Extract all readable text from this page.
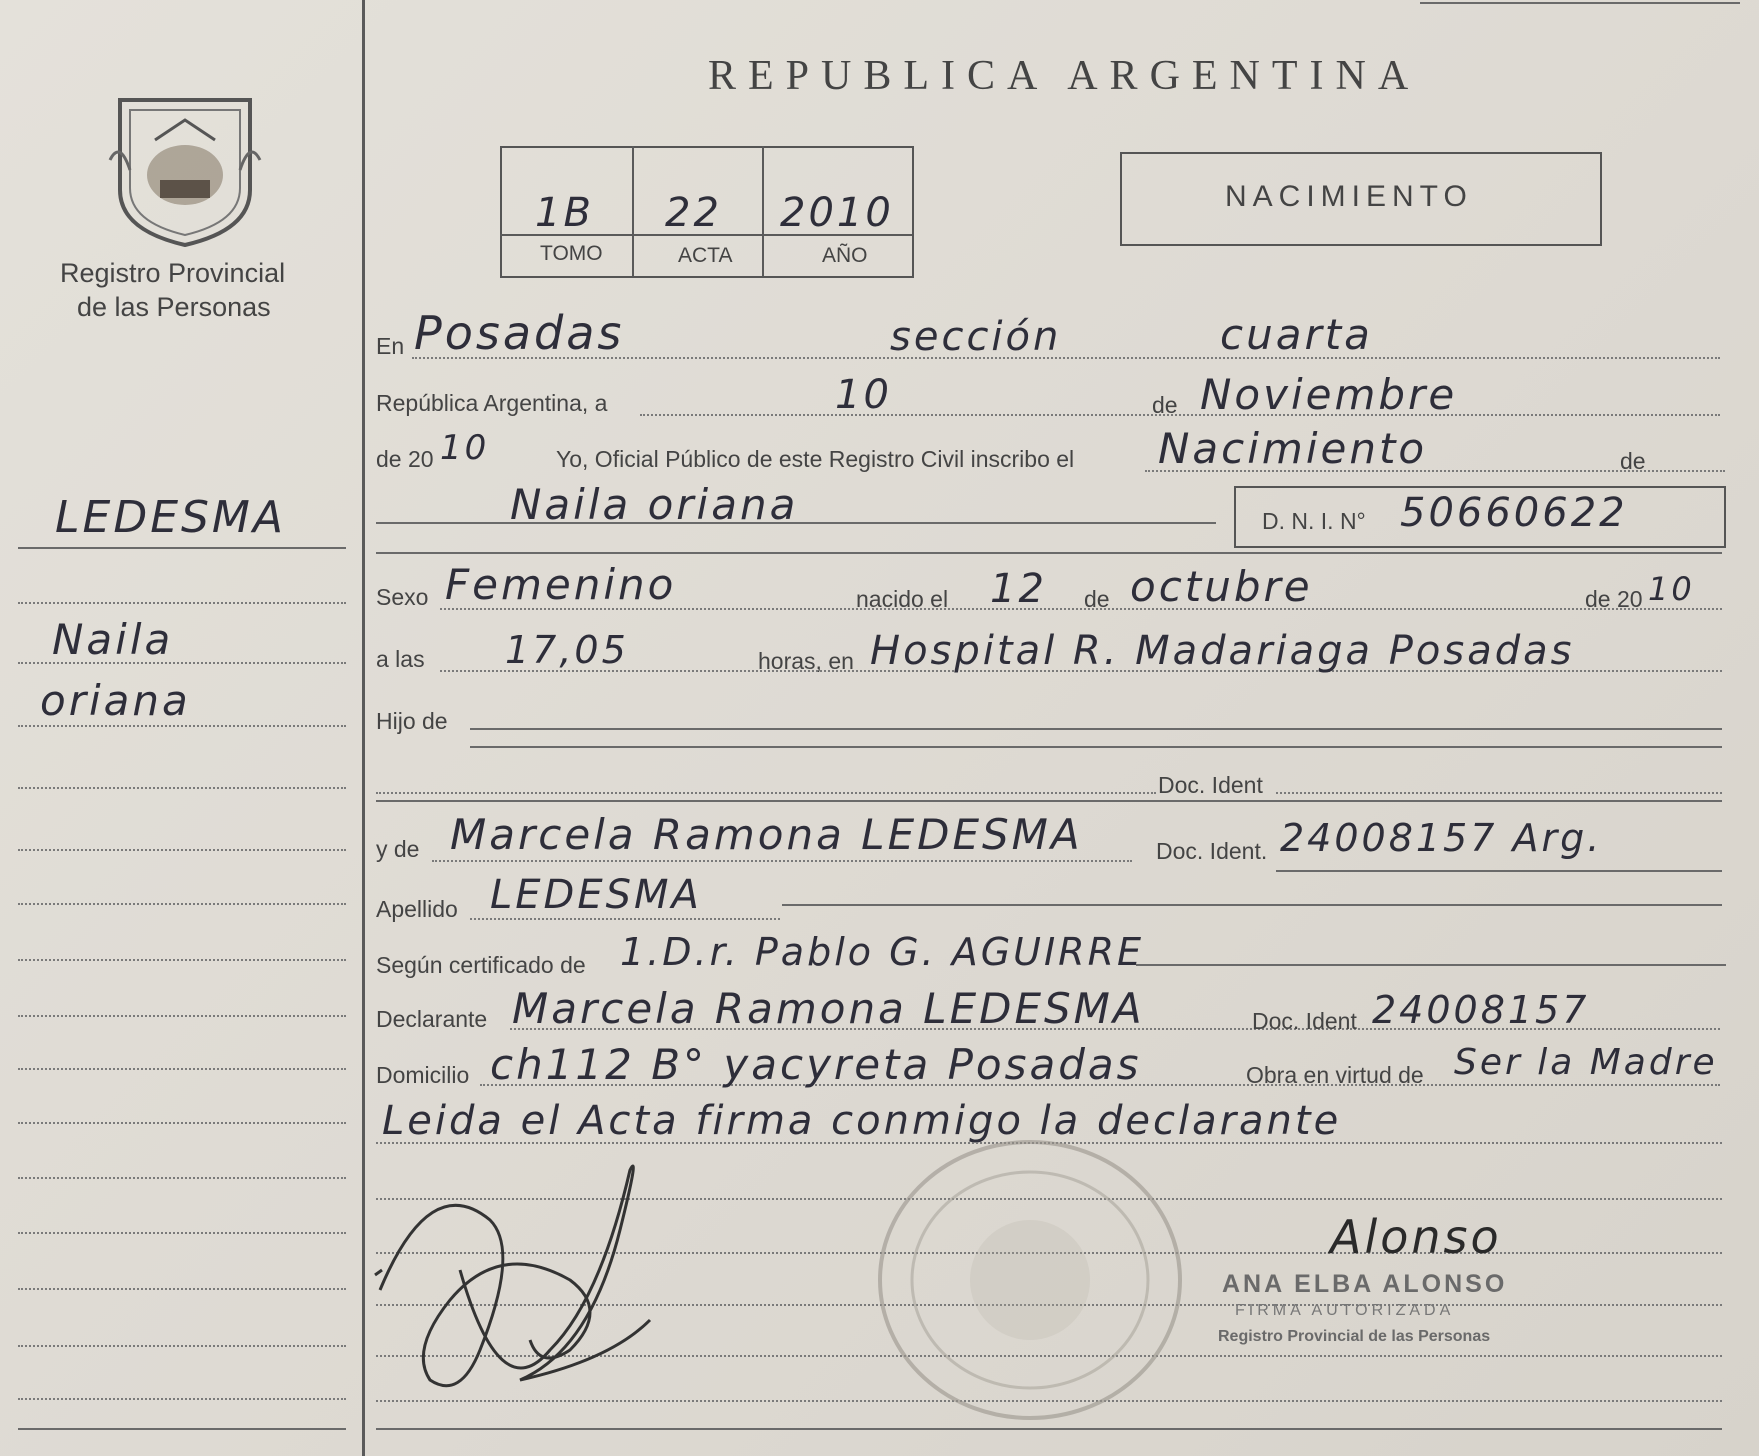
Registro Provincial
de las Personas
LEDESMA
Naila
oriana
REPUBLICA ARGENTINA
1B 22 2010
TOMO	ACTA	AÑO
NACIMIENTO
En Posadas	sección	cuarta
República Argentina, a	10	de Noviembre
de 20 10	Yo, Oficial Público de este Registro Civil inscribo el Nacimiento	de
Naila oriana	D. N. I. N° 50660622
Sexo Femenino	nacido el 12 de octubre	de 20 10
a las 17,05	horas, en Hospital R. Madariaga Posadas
Hijo de
Doc. Ident
y de Marcela Ramona LEDESMA	Doc. Ident. 24008157 Arg.
Apellido LEDESMA
Según certificado de 1.D.r. Pablo G. AGUIRRE
Declarante Marcela Ramona LEDESMA	Doc. Ident 24008157
Domicilio ch112 B° yacyreta Posadas	Obra en virtud de Ser la Madre
Leida el Acta firma conmigo la declarante
Alonso
ANA ELBA ALONSO
FIRMA AUTORIZADA
Registro Provincial de las Personas
